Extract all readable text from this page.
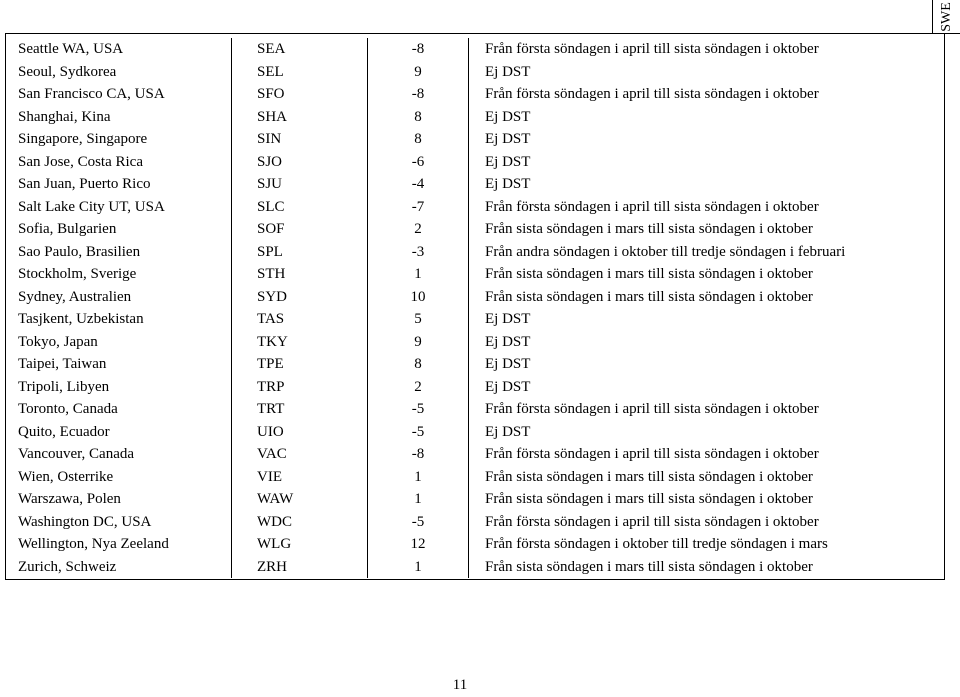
SWE
Seattle WA, USA	SEA	-8	Från första söndagen i april till sista söndagen i oktober
Seoul, Sydkorea	SEL	9	Ej DST
San Francisco CA, USA	SFO	-8	Från första söndagen i april till sista söndagen i oktober
Shanghai, Kina	SHA	8	Ej DST
Singapore, Singapore	SIN	8	Ej DST
San Jose, Costa Rica	SJO	-6	Ej DST
San Juan, Puerto Rico	SJU	-4	Ej DST
Salt Lake City UT, USA	SLC	-7	Från första söndagen i april till sista söndagen i oktober
Sofia, Bulgarien	SOF	2	Från sista söndagen i mars till sista söndagen i oktober
Sao Paulo, Brasilien	SPL	-3	Från andra söndagen i oktober till tredje söndagen i februari
Stockholm, Sverige	STH	1	Från sista söndagen i mars till sista söndagen i oktober
Sydney, Australien	SYD	10	Från sista söndagen i mars till sista söndagen i oktober
Tasjkent, Uzbekistan	TAS	5	Ej DST
Tokyo, Japan	TKY	9	Ej DST
Taipei, Taiwan	TPE	8	Ej DST
Tripoli, Libyen	TRP	2	Ej DST
Toronto, Canada	TRT	-5	Från första söndagen i april till sista söndagen i oktober
Quito, Ecuador	UIO	-5	Ej DST
Vancouver, Canada	VAC	-8	Från första söndagen i april till sista söndagen i oktober
Wien, Osterrike	VIE	1	Från sista söndagen i mars till sista söndagen i oktober
Warszawa, Polen	WAW	1	Från sista söndagen i mars till sista söndagen i oktober
Washington DC, USA	WDC	-5	Från första söndagen i april till sista söndagen i oktober
Wellington, Nya Zeeland	WLG	12	Från första söndagen i oktober till tredje söndagen i mars
Zurich, Schweiz	ZRH	1	Från sista söndagen i mars till sista söndagen i oktober
11
